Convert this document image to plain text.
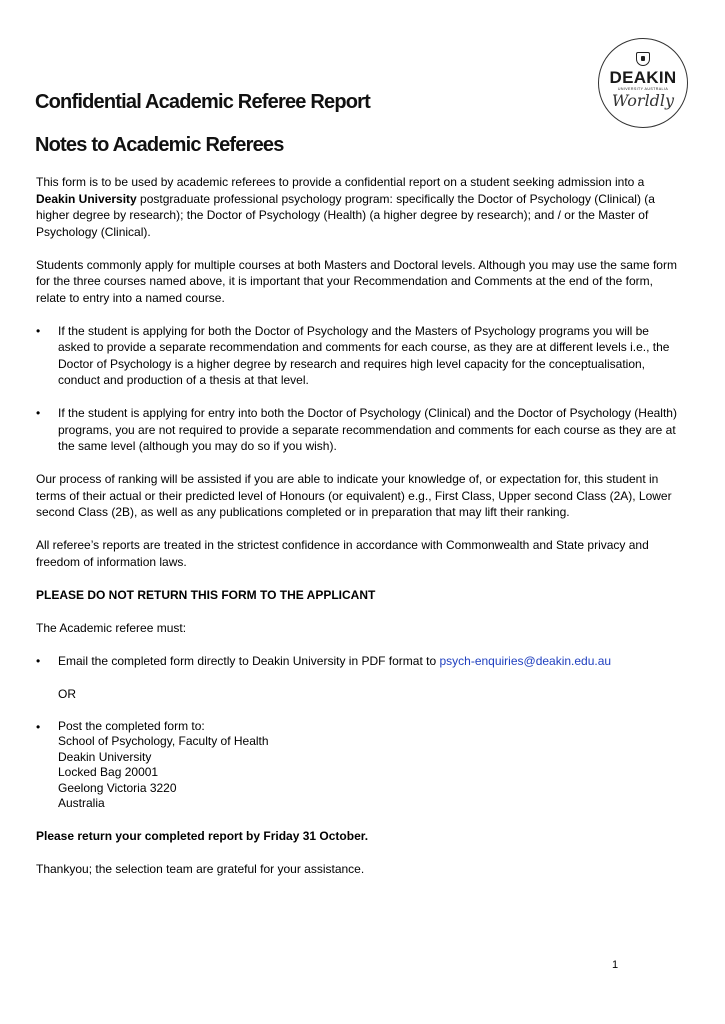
DEAKIN
UNIVERSITY AUSTRALIA
Worldly
Confidential Academic Referee Report
Notes to Academic Referees

This form is to be used by academic referees to provide a confidential report on a student seeking admission into a Deakin University postgraduate professional psychology program: specifically the Doctor of Psychology (Clinical) (a higher degree by research); the Doctor of Psychology (Health) (a higher degree by research); and / or the Master of Psychology (Clinical).

Students commonly apply for multiple courses at both Masters and Doctoral levels. Although you may use the same form for the three courses named above, it is important that your Recommendation and Comments at the end of the form, relate to entry into a named course.

• If the student is applying for both the Doctor of Psychology and the Masters of Psychology programs you will be asked to provide a separate recommendation and comments for each course, as they are at different levels i.e., the Doctor of Psychology is a higher degree by research and requires high level capacity for the conceptualisation, conduct and production of a thesis at that level.
• If the student is applying for entry into both the Doctor of Psychology (Clinical) and the Doctor of Psychology (Health) programs, you are not required to provide a separate recommendation and comments for each course as they are at the same level (although you may do so if you wish).

Our process of ranking will be assisted if you are able to indicate your knowledge of, or expectation for, this student in terms of their actual or their predicted level of Honours (or equivalent) e.g., First Class, Upper second Class (2A), Lower second Class (2B), as well as any publications completed or in preparation that may lift their ranking.

All referee’s reports are treated in the strictest confidence in accordance with Commonwealth and State privacy and freedom of information laws.

PLEASE DO NOT RETURN THIS FORM TO THE APPLICANT

The Academic referee must:

• Email the completed form directly to Deakin University in PDF format to psych-enquiries@deakin.edu.au
OR
• Post the completed form to:
School of Psychology, Faculty of Health
Deakin University
Locked Bag 20001
Geelong Victoria 3220
Australia

Please return your completed report by Friday 31 October.

Thankyou; the selection team are grateful for your assistance.

1
